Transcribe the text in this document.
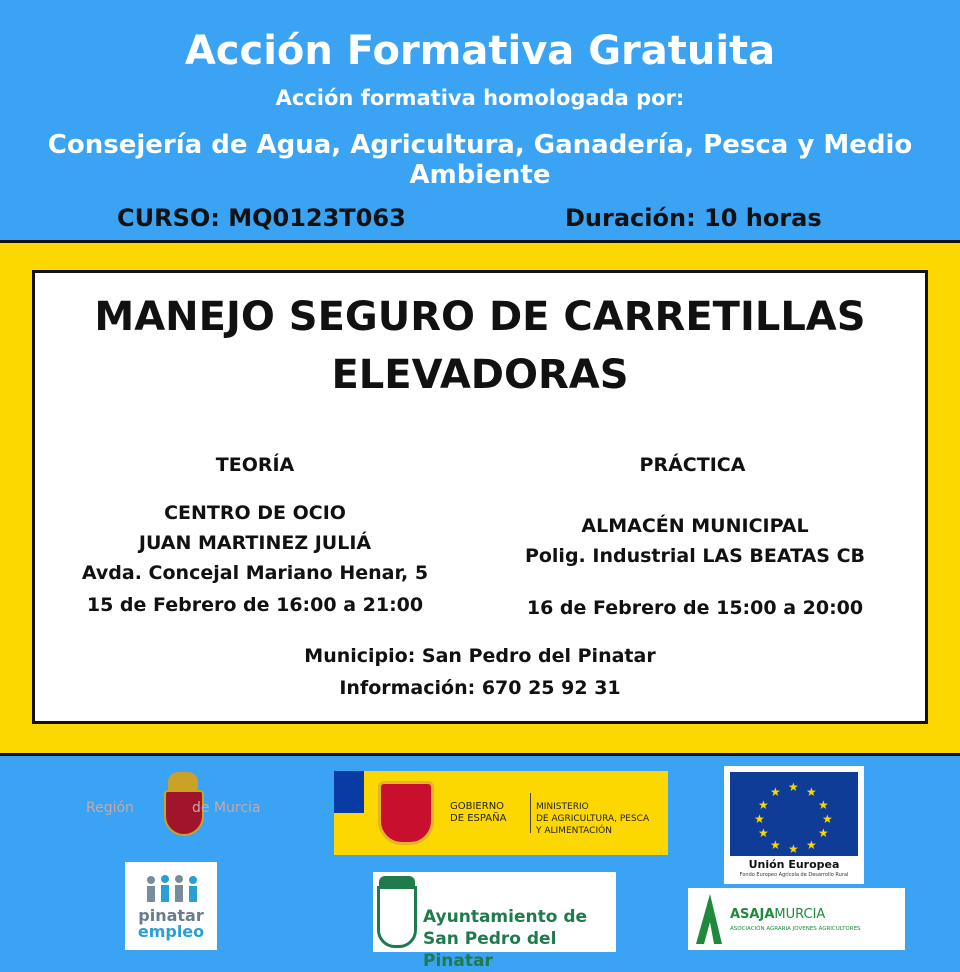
Acción Formativa Gratuita
Acción formativa homologada por:
Consejería de Agua, Agricultura, Ganadería, Pesca y Medio Ambiente
CURSO: MQ0123T063	Duración: 10 horas
MANEJO SEGURO DE CARRETILLAS
ELEVADORAS
TEORÍA
CENTRO DE OCIO
JUAN MARTINEZ JULIÁ
Avda. Concejal Mariano Henar, 5
15 de Febrero de 16:00 a 21:00
PRÁCTICA
ALMACÉN MUNICIPAL
Polig. Industrial LAS BEATAS CB
16 de Febrero de 15:00 a 20:00
Municipio: San Pedro del Pinatar
Información: 670 25 92 31
Región	de Murcia	GOBIERNO
DE ESPAÑA
MINISTERIO
DE AGRICULTURA, PESCA
Y ALIMENTACIÓN
★ ★
★
★
★
★
★
★
★
★
★
★
Unión Europea
Fondo Europeo Agrícola de Desarrollo Rural
pinatar
empleo
Ayuntamiento de
San Pedro del Pinatar
ASAJAMURCIA
ASOCIACIÓN AGRARIA JOVENES AGRICULTORES
